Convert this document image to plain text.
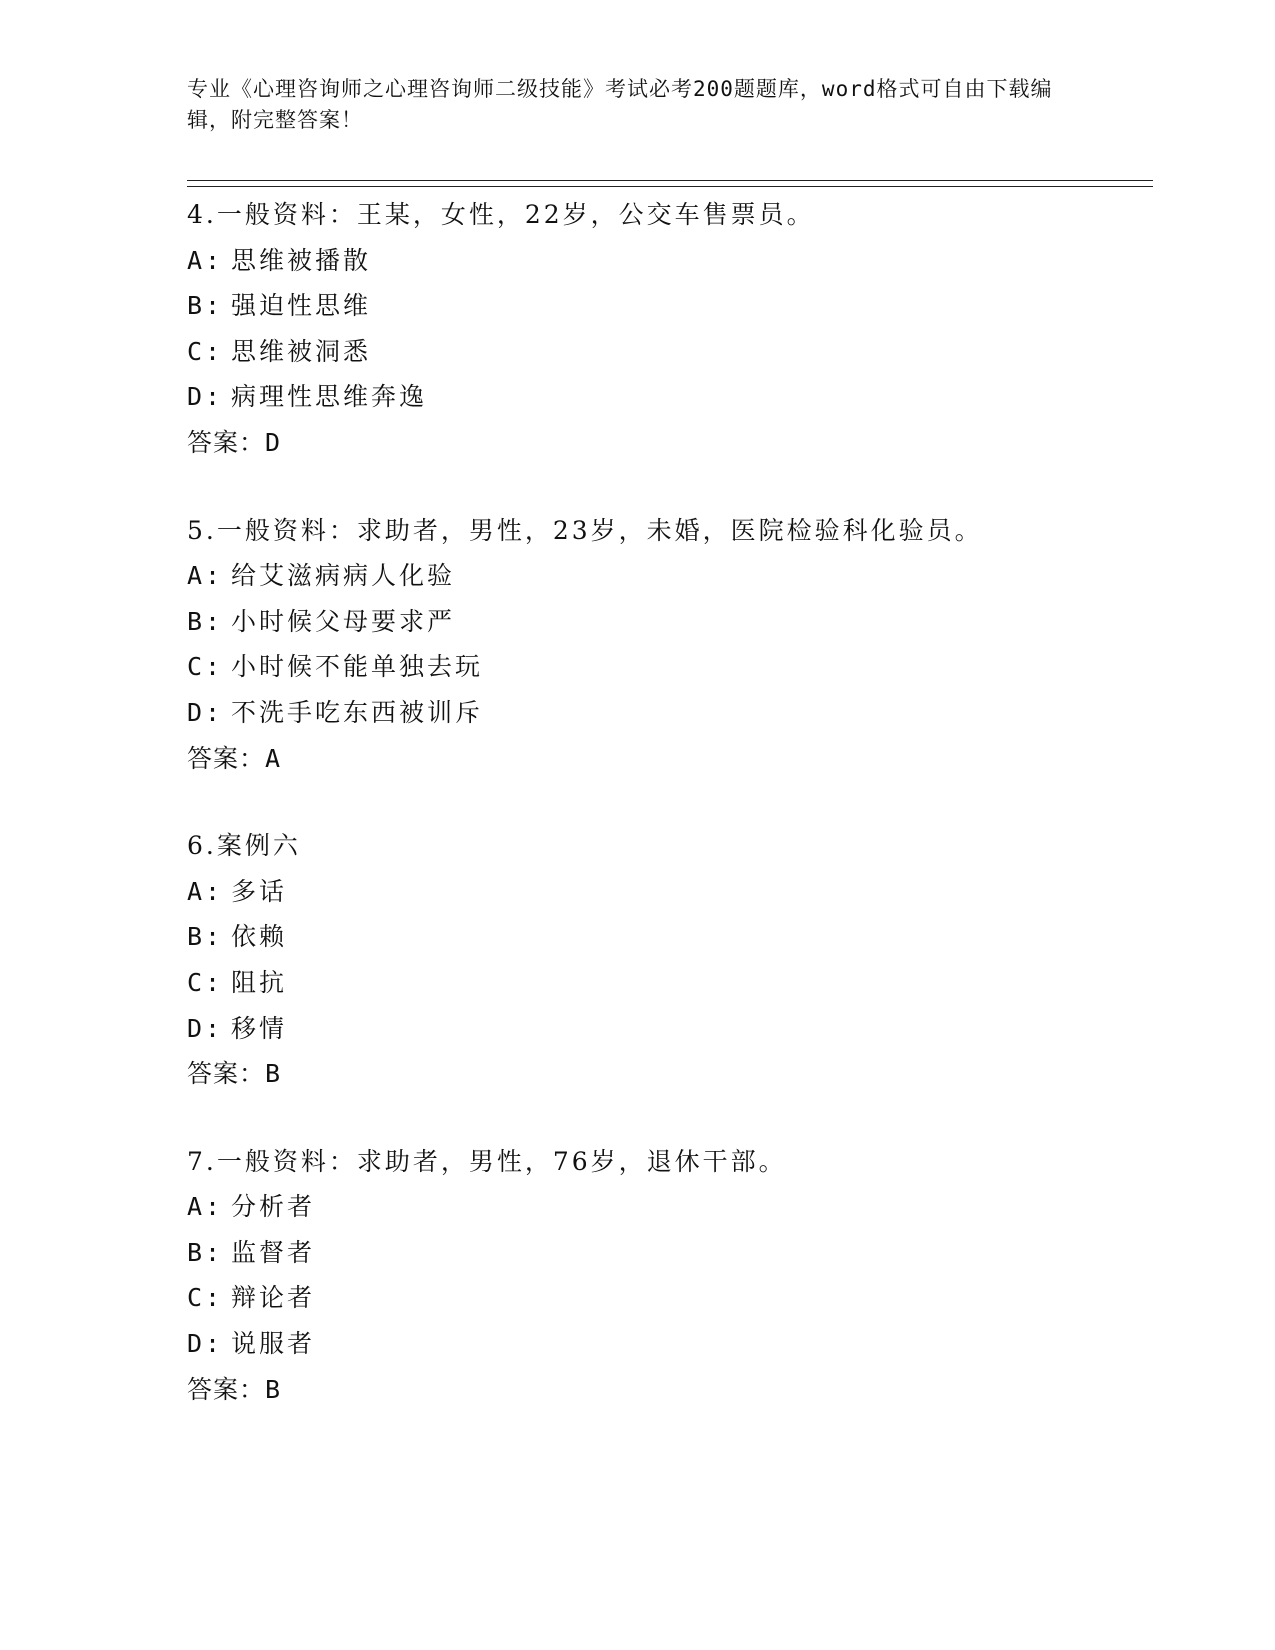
专业《心理咨询师之心理咨询师二级技能》考试必考200题题库，word格式可自由下载编辑，附完整答案！
4.一般资料：王某，女性，22岁，公交车售票员。
A: 思维被播散
B: 强迫性思维
C: 思维被洞悉
D: 病理性思维奔逸
答案：D
5.一般资料：求助者，男性，23岁，未婚，医院检验科化验员。
A: 给艾滋病病人化验
B: 小时候父母要求严
C: 小时候不能单独去玩
D: 不洗手吃东西被训斥
答案：A
6.案例六
A: 多话
B: 依赖
C: 阻抗
D: 移情
答案：B
7.一般资料：求助者，男性，76岁，退休干部。
A: 分析者
B: 监督者
C: 辩论者
D: 说服者
答案：B
